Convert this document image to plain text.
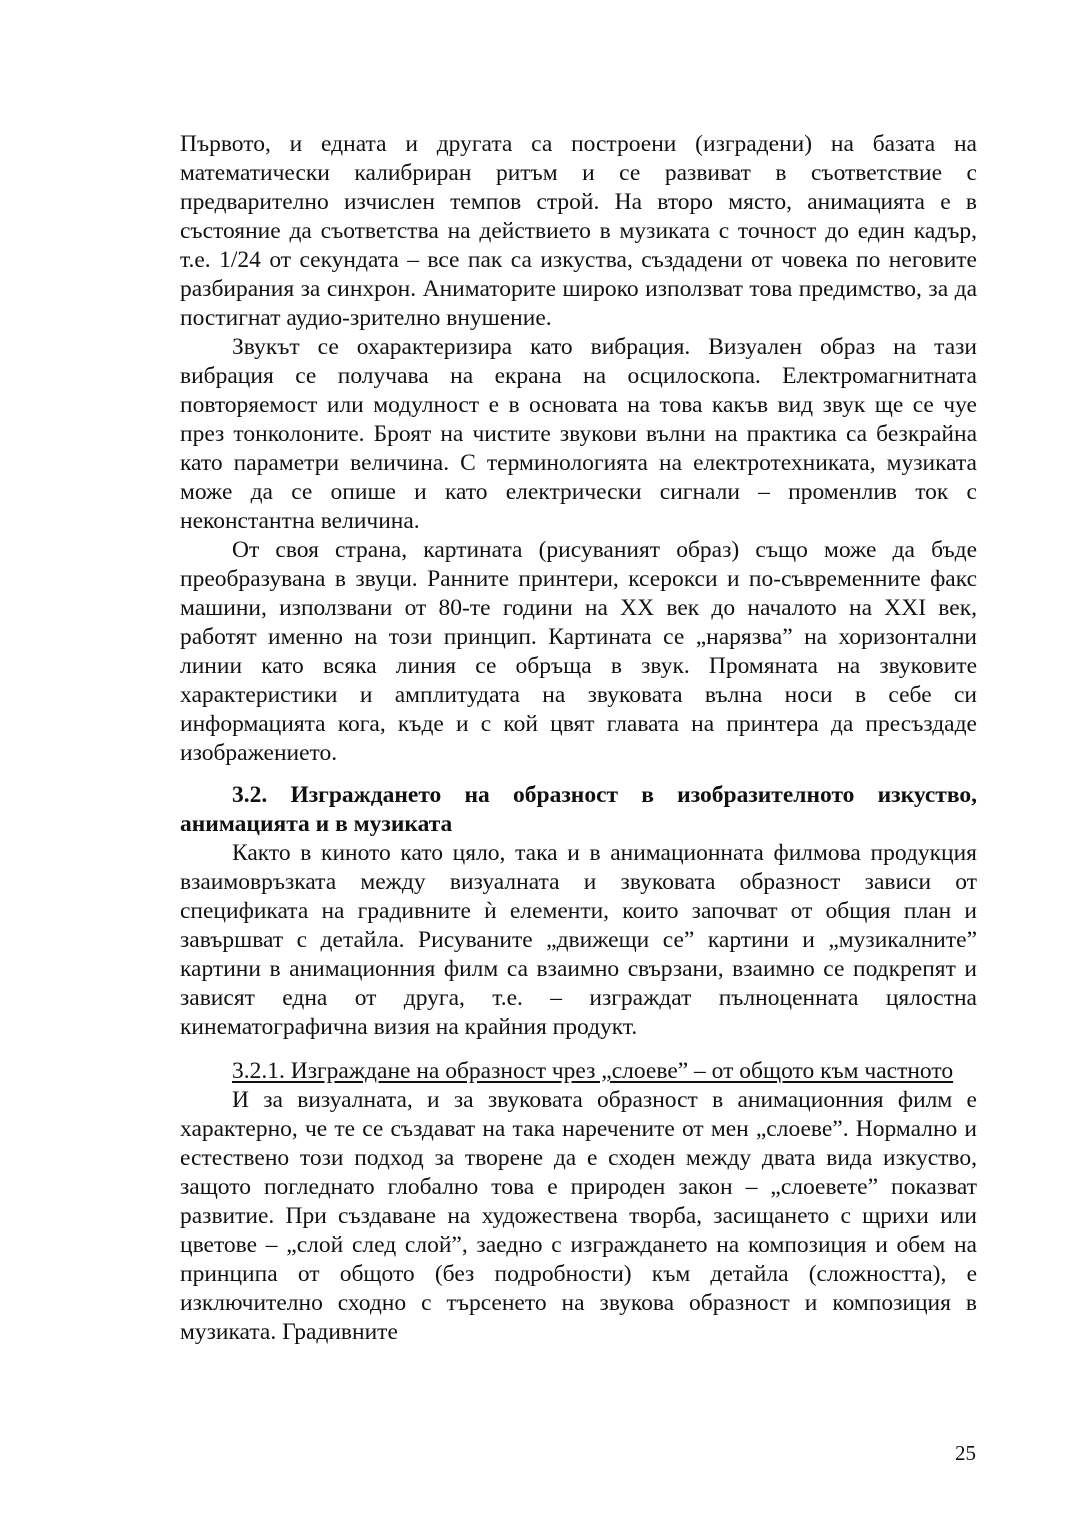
Първото, и едната и другата са построени (изградени) на базата на математически калибриран ритъм и се развиват в съответствие с предварително изчислен темпов строй. На второ място, анимацията е в състояние да съответства на действието в музиката с точност до един кадър, т.е. 1/24 от секундата – все пак са изкуства, създадени от човека по неговите разбирания за синхрон. Аниматорите широко използват това предимство, за да постигнат аудио-зрително внушение.

Звукът се охарактеризира като вибрация. Визуален образ на тази вибрация се получава на екрана на осцилоскопа. Електромагнитната повторяемост или модулност е в основата на това какъв вид звук ще се чуе през тонколоните. Броят на чистите звукови вълни на практика са безкрайна като параметри величина. С терминологията на електротехниката, музиката може да се опише и като електрически сигнали – променлив ток с неконстантна величина.

От своя страна, картината (рисуваният образ) също може да бъде преобразувана в звуци. Ранните принтери, ксерокси и по-съвременните факс машини, използвани от 80-те години на XX век до началото на XXI век, работят именно на този принцип. Картината се „нарязва” на хоризонтални линии като всяка линия се обръща в звук. Промяната на звуковите характеристики и амплитудата на звуковата вълна носи в себе си информацията кога, къде и с кой цвят главата на принтера да пресъздаде изображението.

3.2. Изграждането на образност в изобразителното изкуство, анимацията и в музиката

Както в киното като цяло, така и в анимационната филмова продукция взаимовръзката между визуалната и звуковата образност зависи от спецификата на градивните ѝ елементи, които започват от общия план и завършват с детайла. Рисуваните „движещи се” картини и „музикалните” картини в анимационния филм са взаимно свързани, взаимно се подкрепят и зависят една от друга, т.е. – изграждат пълноценната цялостна кинематографична визия на крайния продукт.

3.2.1. Изграждане на образност чрез „слоеве” – от общото към частното

И за визуалната, и за звуковата образност в анимационния филм е характерно, че те се създават на така наречените от мен „слоеве”. Нормално и естествено този подход за творене да е сходен между двата вида изкуство, защото погледнато глобално това е природен закон – „слоевете” показват развитие. При създаване на художествена творба, засищането с щрихи или цветове – „слой след слой”, заедно с изграждането на композиция и обем на принципа от общото (без подробности) към детайла (сложността), е изключително сходно с търсенето на звукова образност и композиция в музиката. Градивните

25
